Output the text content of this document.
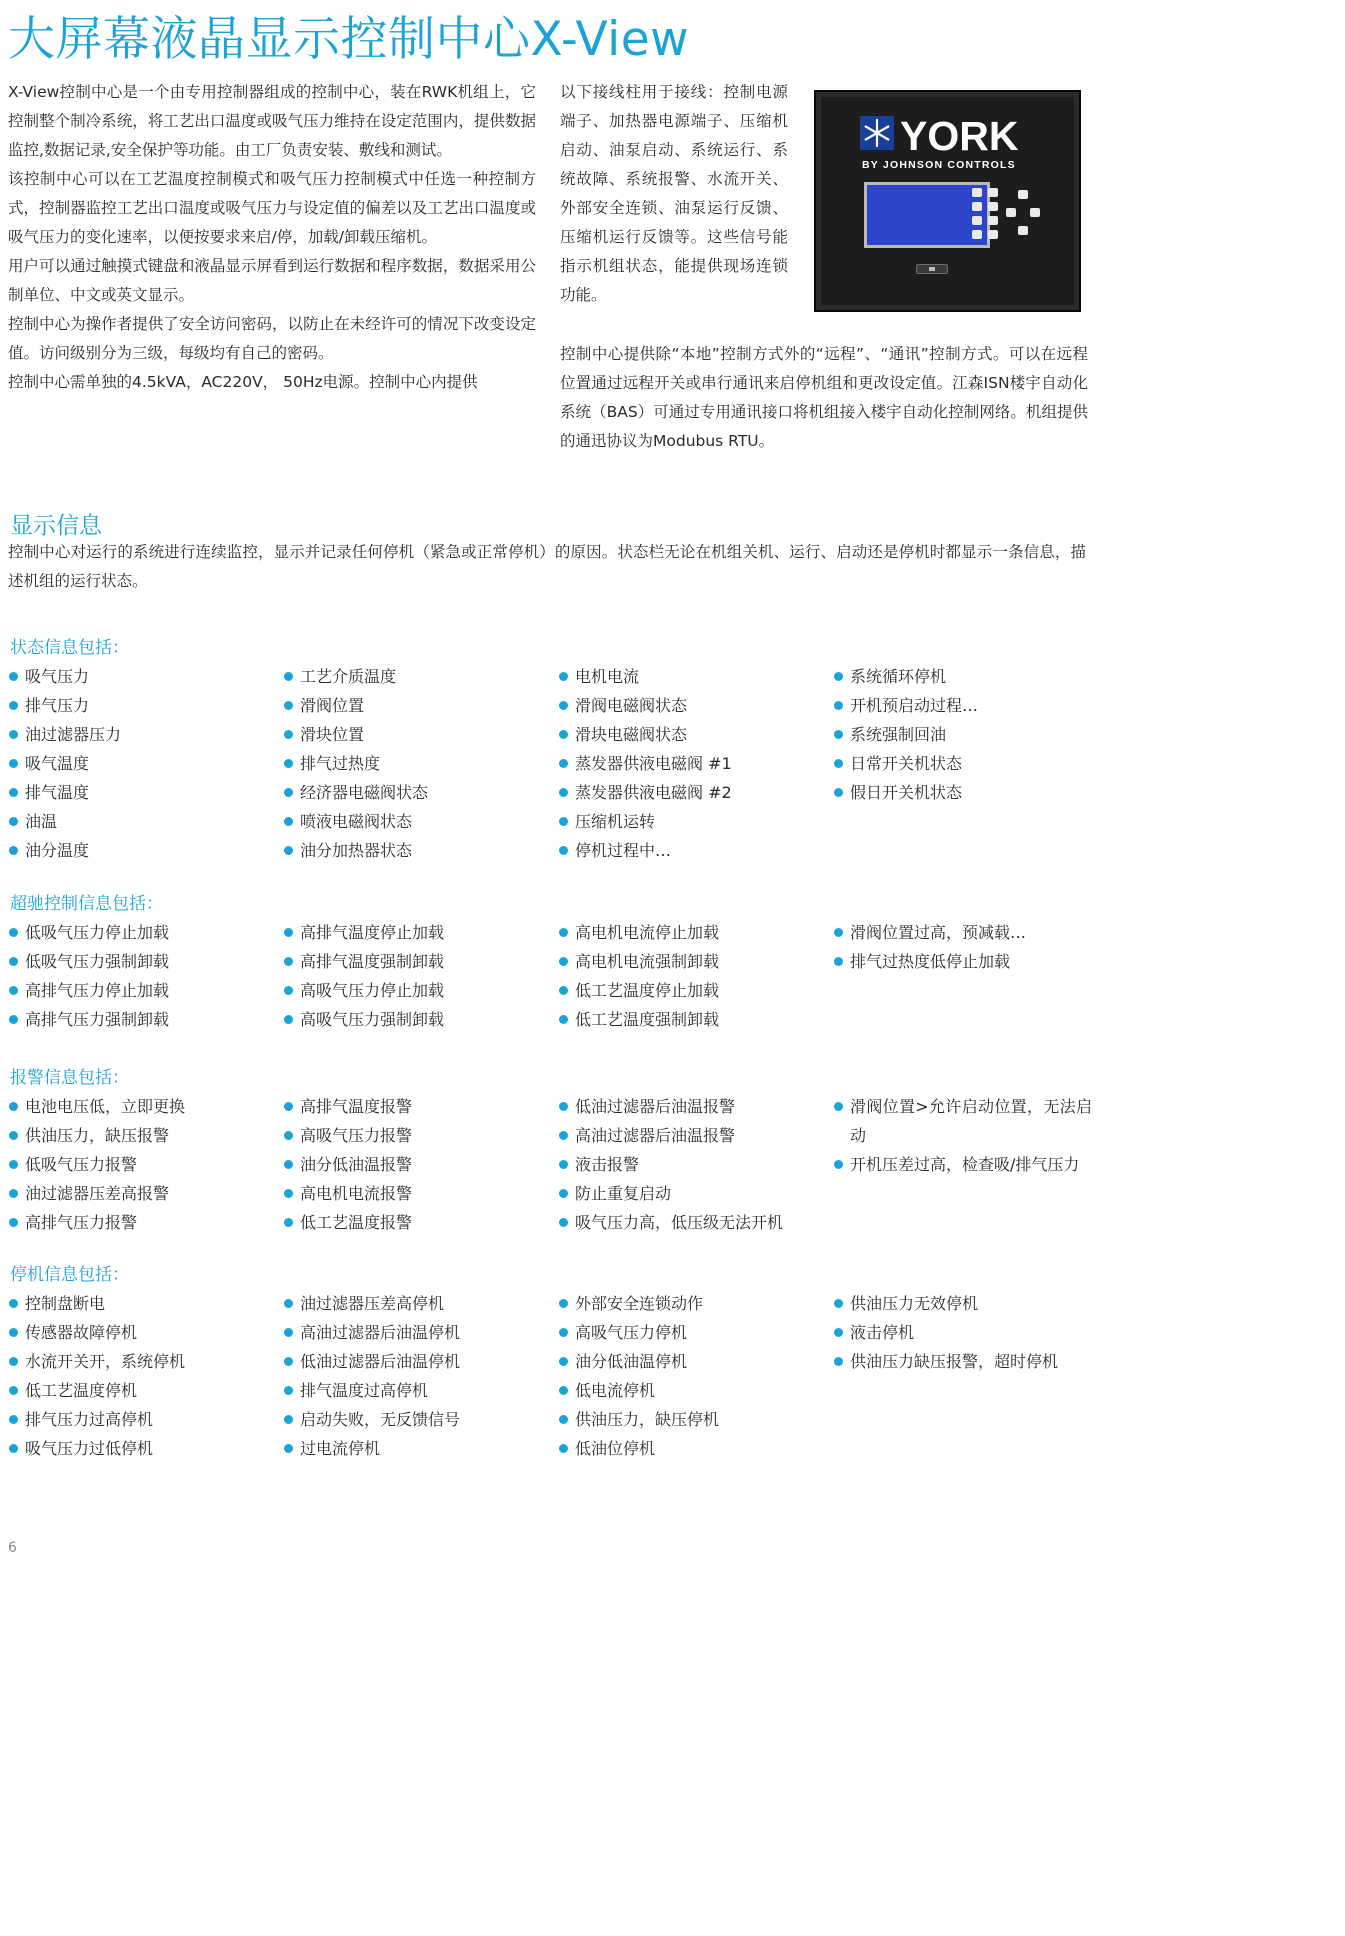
大屏幕液晶显示控制中心X-View

X-View控制中心是一个由专用控制器组成的控制中心，装在RWK机组上，它控制整个制冷系统，将工艺出口温度或吸气压力维持在设定范围内，提供数据监控,数据记录,安全保护等功能。由工厂负责安装、敷线和测试。

该控制中心可以在工艺温度控制模式和吸气压力控制模式中任选一种控制方式，控制器监控工艺出口温度或吸气压力与设定值的偏差以及工艺出口温度或吸气压力的变化速率，以便按要求来启/停，加载/卸载压缩机。

用户可以通过触摸式键盘和液晶显示屏看到运行数据和程序数据，数据采用公制单位、中文或英文显示。

控制中心为操作者提供了安全访问密码，以防止在未经许可的情况下改变设定值。访问级别分为三级，每级均有自己的密码。

控制中心需单独的4.5kVA，AC220V， 50Hz电源。控制中心内提供

以下接线柱用于接线：控制电源端子、加热器电源端子、压缩机启动、油泵启动、系统运行、系统故障、系统报警、水流开关、外部安全连锁、油泵运行反馈、压缩机运行反馈等。这些信号能指示机组状态，能提供现场连锁功能。

控制中心提供除“本地”控制方式外的“远程”、“通讯”控制方式。可以在远程位置通过远程开关或串行通讯来启停机组和更改设定值。江森ISN楼宇自动化系统（BAS）可通过专用通讯接口将机组接入楼宇自动化控制网络。机组提供的通迅协议为Modubus RTU。

YORK
BY JOHNSON CONTROLS
显示信息

控制中心对运行的系统进行连续监控，显示并记录任何停机（紧急或正常停机）的原因。状态栏无论在机组关机、运行、启动还是停机时都显示一条信息，描述机组的运行状态。

状态信息包括：
吸气压力
排气压力
油过滤器压力
吸气温度
排气温度
油温
油分温度
工艺介质温度
滑阀位置
滑块位置
排气过热度
经济器电磁阀状态
喷液电磁阀状态
油分加热器状态
电机电流
滑阀电磁阀状态
滑块电磁阀状态
蒸发器供液电磁阀 #1
蒸发器供液电磁阀 #2
压缩机运转
停机过程中…
系统循环停机
开机预启动过程…
系统强制回油
日常开关机状态
假日开关机状态
超驰控制信息包括：
低吸气压力停止加载
低吸气压力强制卸载
高排气压力停止加载
高排气压力强制卸载
高排气温度停止加载
高排气温度强制卸载
高吸气压力停止加载
高吸气压力强制卸载
高电机电流停止加载
高电机电流强制卸载
低工艺温度停止加载
低工艺温度强制卸载
滑阀位置过高，预减载…
排气过热度低停止加载
报警信息包括：
电池电压低，立即更换
供油压力，缺压报警
低吸气压力报警
油过滤器压差高报警
高排气压力报警
高排气温度报警
高吸气压力报警
油分低油温报警
高电机电流报警
低工艺温度报警
低油过滤器后油温报警
高油过滤器后油温报警
液击报警
防止重复启动
吸气压力高，低压级无法开机
滑阀位置>允许启动位置，无法启动
开机压差过高，检查吸/排气压力
停机信息包括：
控制盘断电
传感器故障停机
水流开关开，系统停机
低工艺温度停机
排气压力过高停机
吸气压力过低停机
油过滤器压差高停机
高油过滤器后油温停机
低油过滤器后油温停机
排气温度过高停机
启动失败，无反馈信号
过电流停机
外部安全连锁动作
高吸气压力停机
油分低油温停机
低电流停机
供油压力，缺压停机
低油位停机
供油压力无效停机
液击停机
供油压力缺压报警，超时停机
6
